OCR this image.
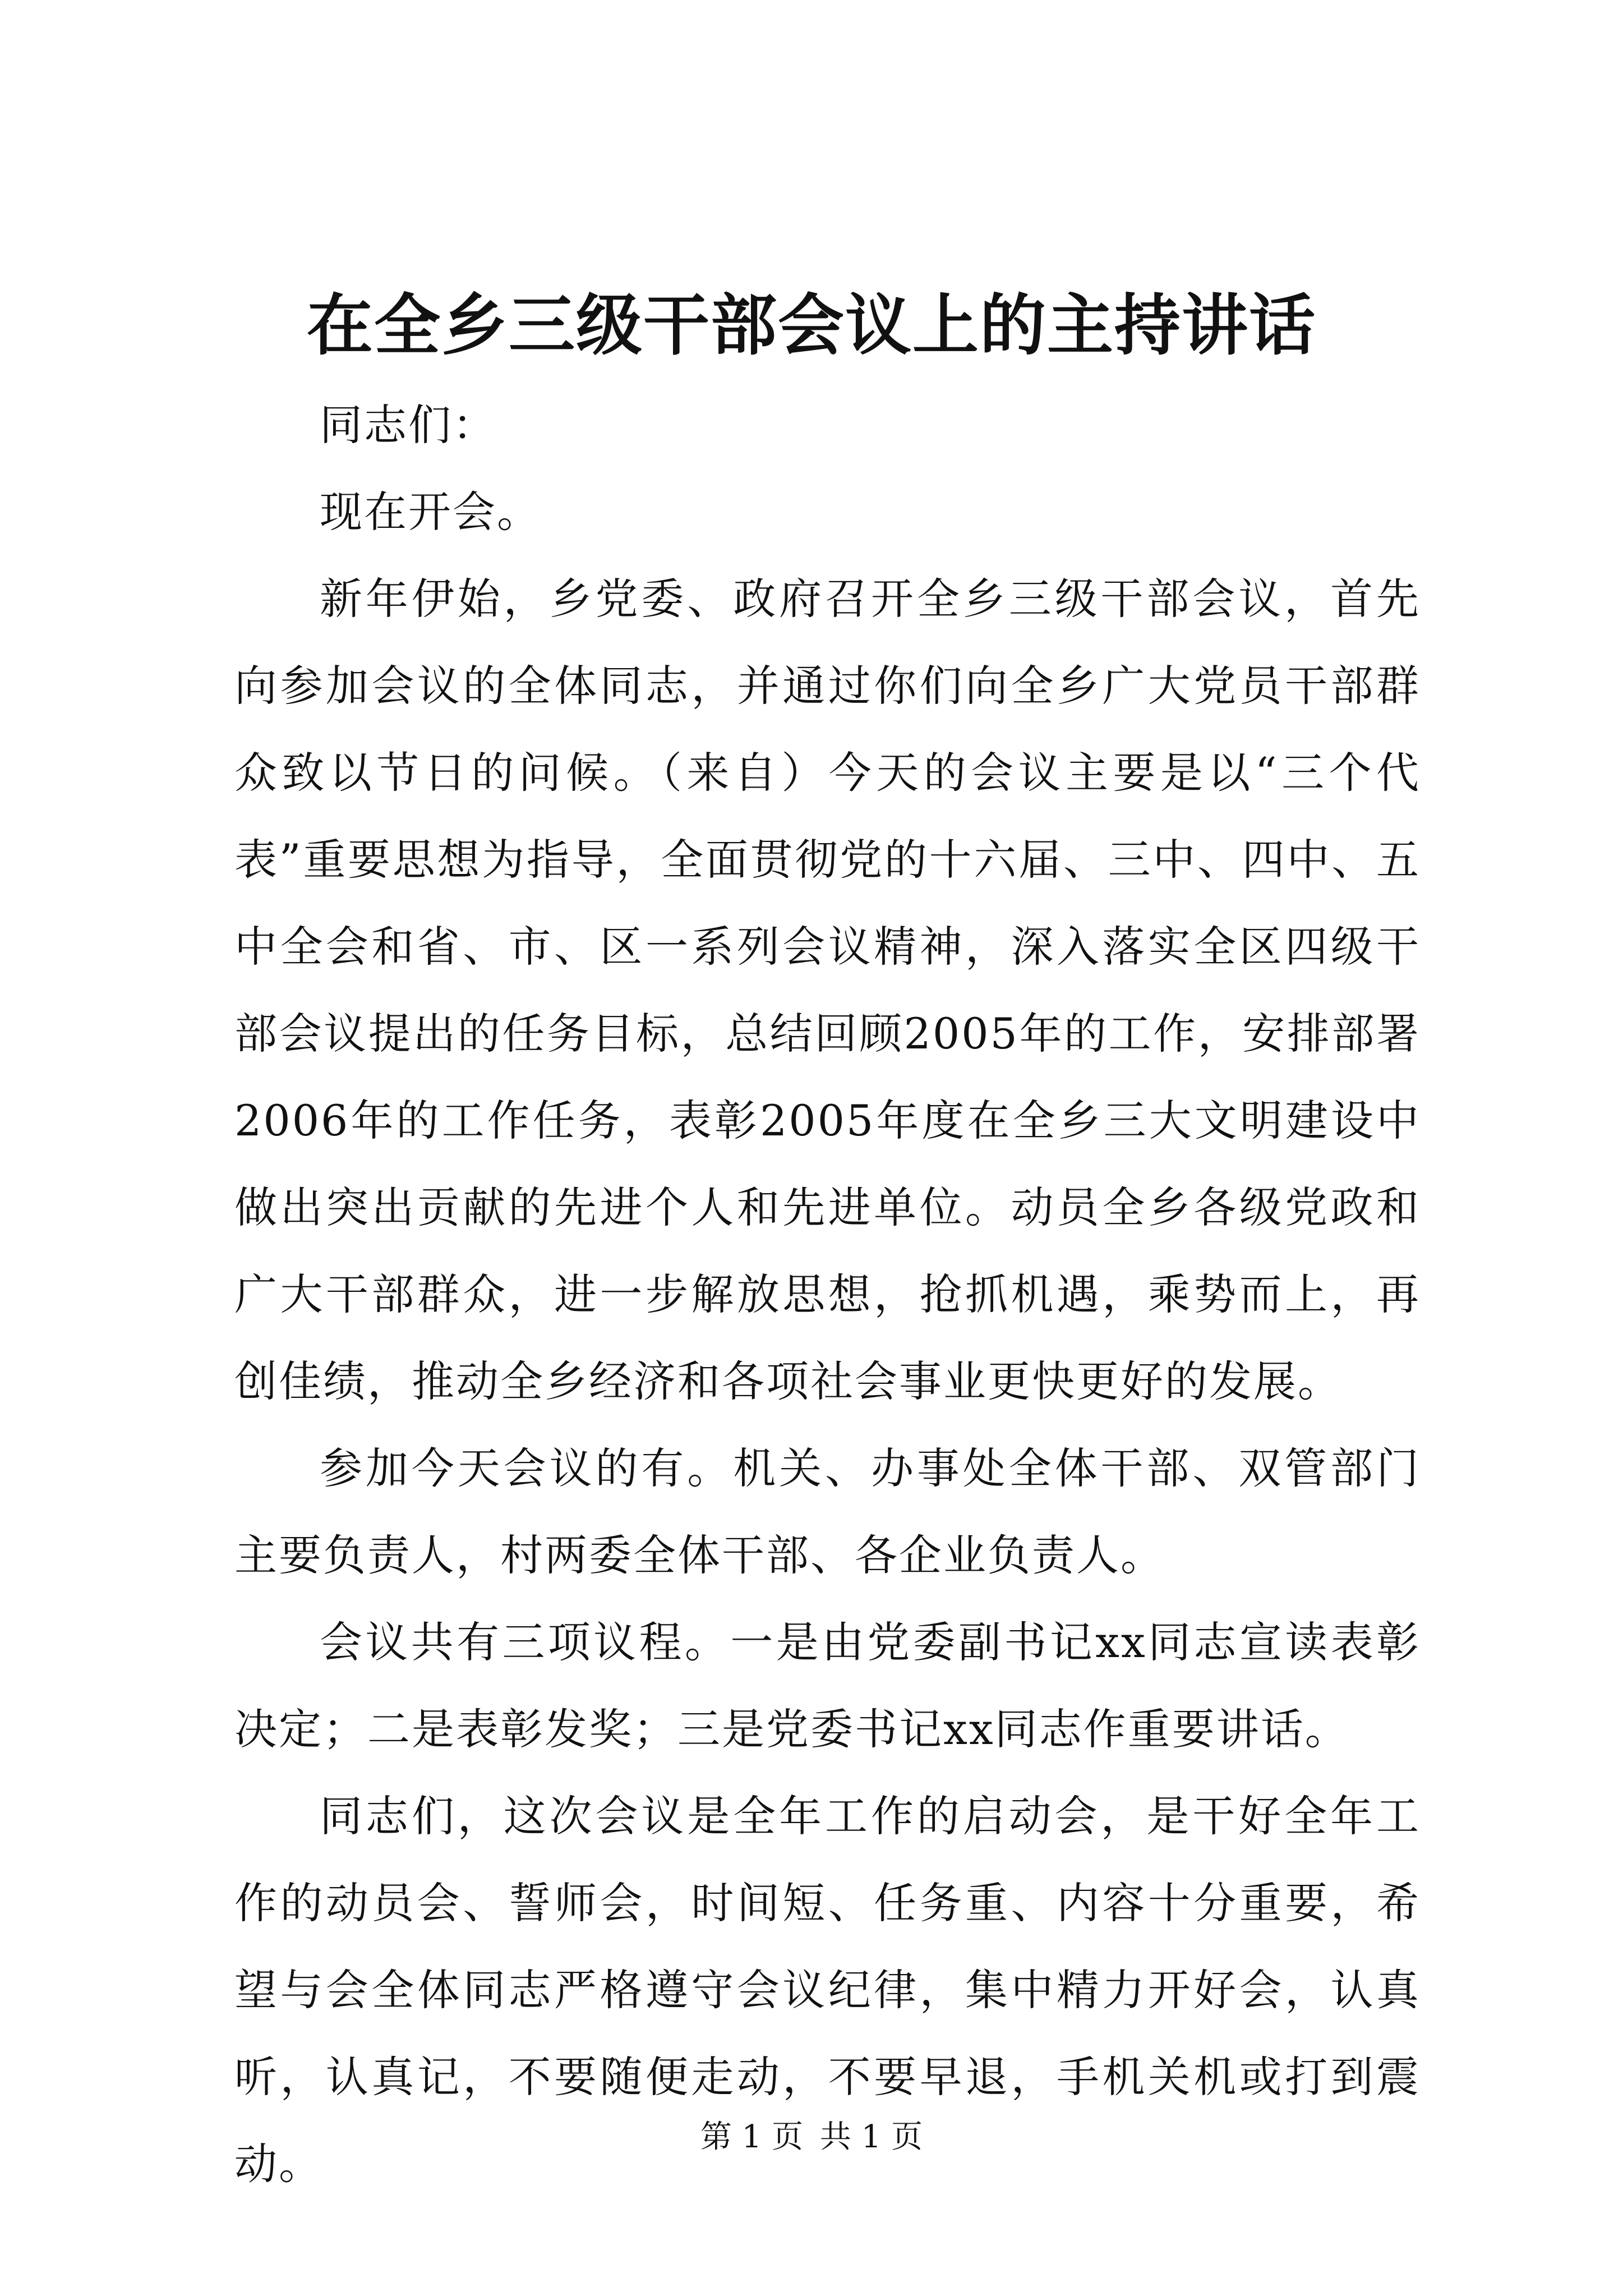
在全乡三级干部会议上的主持讲话

同志们：

现在开会。

新年伊始，乡党委、政府召开全乡三级干部会议，首先向参加会议的全体同志，并通过你们向全乡广大党员干部群众致以节日的问候。（来自）今天的会议主要是以“三个代表”重要思想为指导，全面贯彻党的十六届、三中、四中、五中全会和省、市、区一系列会议精神，深入落实全区四级干部会议提出的任务目标，总结回顾2005年的工作，安排部署2006年的工作任务，表彰2005年度在全乡三大文明建设中做出突出贡献的先进个人和先进单位。动员全乡各级党政和广大干部群众，进一步解放思想，抢抓机遇，乘势而上，再创佳绩，推动全乡经济和各项社会事业更快更好的发展。

参加今天会议的有。机关、办事处全体干部、双管部门主要负责人，村两委全体干部、各企业负责人。

会议共有三项议程。一是由党委副书记xx同志宣读表彰决定；二是表彰发奖；三是党委书记xx同志作重要讲话。

同志们，这次会议是全年工作的启动会，是干好全年工作的动员会、誓师会，时间短、任务重、内容十分重要，希望与会全体同志严格遵守会议纪律，集中精力开好会，认真听，认真记，不要随便走动，不要早退，手机关机或打到震动。

第 1 页 共 1 页
